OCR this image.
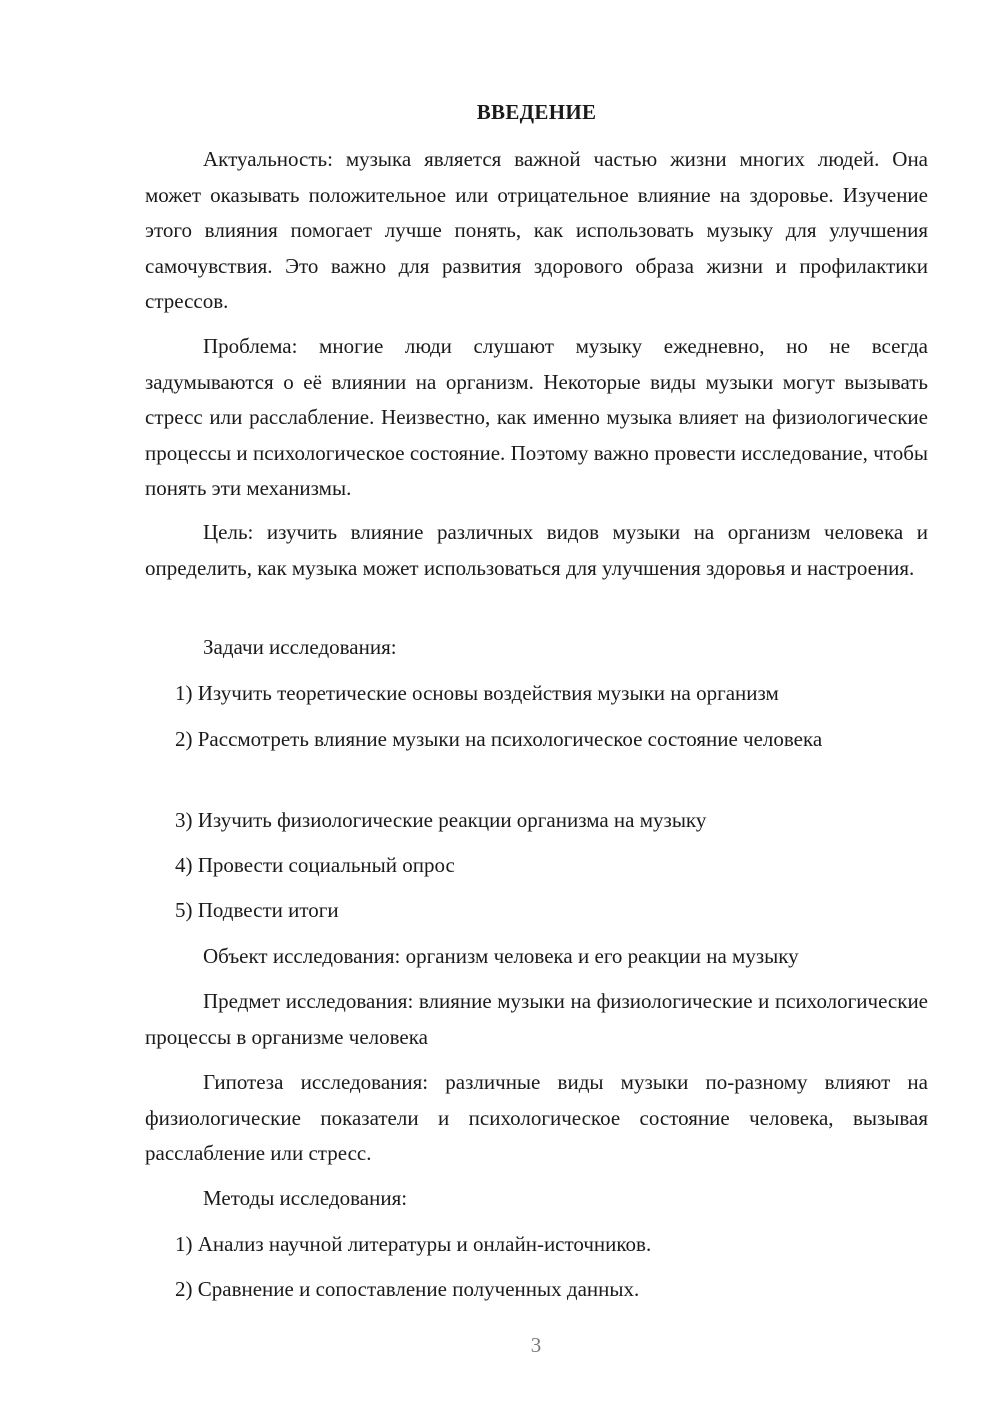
ВВЕДЕНИЕ

Актуальность: музыка является важной частью жизни многих людей. Она может оказывать положительное или отрицательное влияние на здоровье. Изучение этого влияния помогает лучше понять, как использовать музыку для улучшения самочувствия. Это важно для развития здорового образа жизни и профилактики стрессов.

Проблема: многие люди слушают музыку ежедневно, но не всегда задумываются о её влиянии на организм. Некоторые виды музыки могут вызывать стресс или расслабление. Неизвестно, как именно музыка влияет на физиологические процессы и психологическое состояние. Поэтому важно провести исследование, чтобы понять эти механизмы.

Цель: изучить влияние различных видов музыки на организм человека и определить, как музыка может использоваться для улучшения здоровья и настроения.

Задачи исследования:

1) Изучить теоретические основы воздействия музыки на организм

2) Рассмотреть влияние музыки на психологическое состояние человека

3) Изучить физиологические реакции организма на музыку

4) Провести социальный опрос

5) Подвести итоги

Объект исследования: организм человека и его реакции на музыку

Предмет исследования: влияние музыки на физиологические и психологические процессы в организме человека

Гипотеза исследования: различные виды музыки по-разному влияют на физиологические показатели и психологическое состояние человека, вызывая расслабление или стресс.

Методы исследования:

1) Анализ научной литературы и онлайн-источников.

2) Сравнение и сопоставление полученных данных.

3
